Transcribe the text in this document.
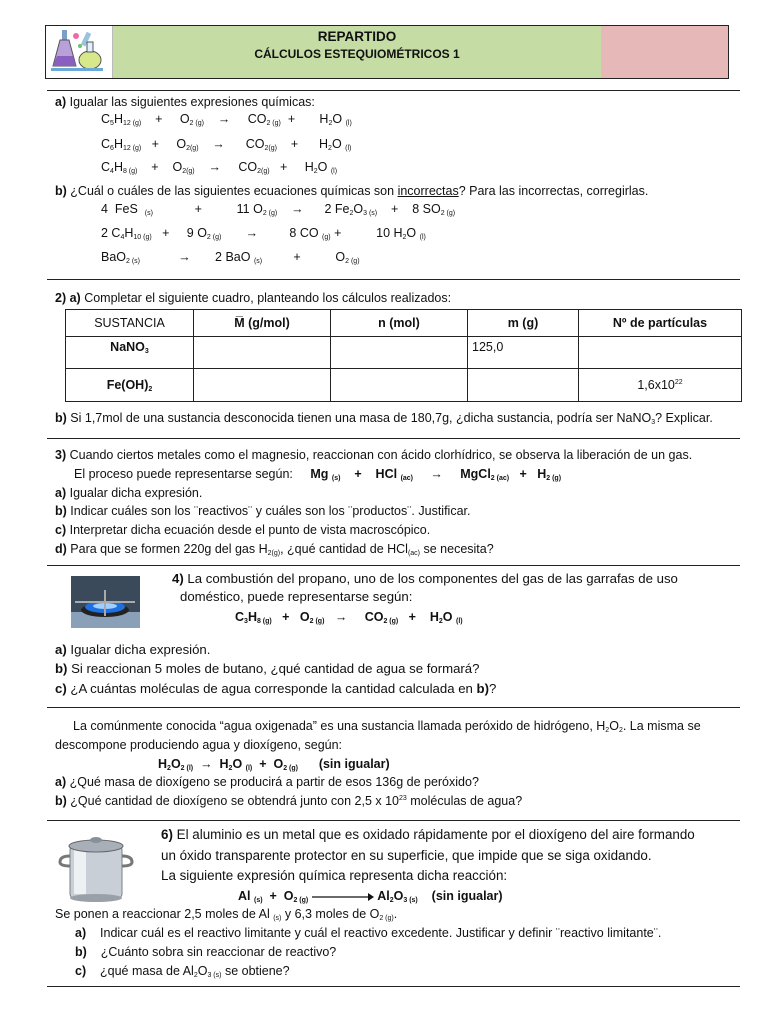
REPARTIDO
CÁLCULOS ESTEQUIOMÉTRICOS 1
a) Igualar las siguientes expresiones químicas:
$C_5H_{12 (g)}$    +     $O_{2 (g)}$    →     $CO_{2 (g)}$  +       $H_2O$ $_{(l)}$
$C_6H_{12 (g)}$   +     $O_{2(g)}$    →      $CO_{2(g)}$    +      $H_2O$ $_{(l)}$
$C_4H_{8 (g)}$    +    $O_{2(g)}$    →     $CO_{2(g)}$   +     $H_2O$ $_{(l)}$
b) ¿Cuál o cuáles de las siguientes ecuaciones químicas son incorrectas? Para las incorrectas, corregirlas.
4  FeS  $_{(s)}$            +          11 $O_{2 (g)}$    →      2 $Fe_2O_{3 (s)}$    +    8 $SO_{2 (g)}$
2 $C_4H_{10 (g)}$   +     9 $O_{2 (g)}$       →         8 CO $_{(g)}$ +          10 $H_2O$ $_{(l)}$
BaO$_{2 (s)}$           →       2 BaO $_{(s)}$         +          $O_{2 (g)}$
2) a) Completar el siguiente cuadro, planteando los cálculos realizados:
SUSTANCIA	M̅ (g/mol)	n (mol)	m (g)	Nº de partículas
NaNO$_3$			125,0	
$Fe(OH)_2$				$1,6x10^{22}$
b) Si 1,7mol de una sustancia desconocida tienen una masa de 180,7g, ¿dicha sustancia, podría ser NaNO$_3$? Explicar.
3) Cuando ciertos metales como el magnesio, reaccionan con ácido clorhídrico, se observa la liberación de un gas.
El proceso puede representarse según: Mg $_{(s)}$    +    HCl $_{(ac)}$     →     MgCl$_{2 (ac)}$   +   $H_{2 (g)}$
a) Igualar dicha expresión.
b) Indicar cuáles son los ¨reactivos¨ y cuáles son los ¨productos¨. Justificar.
c) Interpretar dicha ecuación desde el punto de vista macroscópico.
d) Para que se formen 220g del gas $H_{2(g)}$, ¿qué cantidad de HCl$_{(ac)}$ se necesita?
4) La combustión del propano, uno de los componentes del gas de las garrafas de uso
doméstico, puede representarse según:
$C_3H_{8 (g)} + O_{2 (g)}$   →     $CO_{2 (g)}$   +    $H_2O$ $_{(l)}$
a) Igualar dicha expresión.
b) Si reaccionan 5 moles de butano, ¿qué cantidad de agua se formará?
c) ¿A cuántas moléculas de agua corresponde la cantidad calculada en b)?
La comúnmente conocida “agua oxigenada” es una sustancia llamada peróxido de hidrógeno, $H_2O_2$. La misma se
descompone produciendo agua y dioxígeno, según:
$H_2O_{2 (l)} \to H_2O$ $_{(l)} + O_{2 (g)}$ (sin igualar)
a) ¿Qué masa de dioxígeno se producirá a partir de esos 136g de peróxido?
b) ¿Qué cantidad de dioxígeno se obtendrá junto con 2,5 x $10^{23}$ moléculas de agua?
6) El aluminio es un metal que es oxidado rápidamente por el dioxígeno del aire formando
un óxido transparente protector en su superficie, que impide que se siga oxidando.
La siguiente expresión química representa dicha reacción:
Al $_{(s)} + O_{2 (g)}$	$Al_2O_{3 (s)}$ (sin igualar)
Se ponen a reaccionar 2,5 moles de Al $_{(s)}$ y 6,3 moles de $O_{2 (g)}$.
a) Indicar cuál es el reactivo limitante y cuál el reactivo excedente. Justificar y definir ¨reactivo limitante¨.
b) ¿Cuánto sobra sin reaccionar de reactivo?
c)    ¿qué masa de $Al_2O_{3 (s)}$ se obtiene?
